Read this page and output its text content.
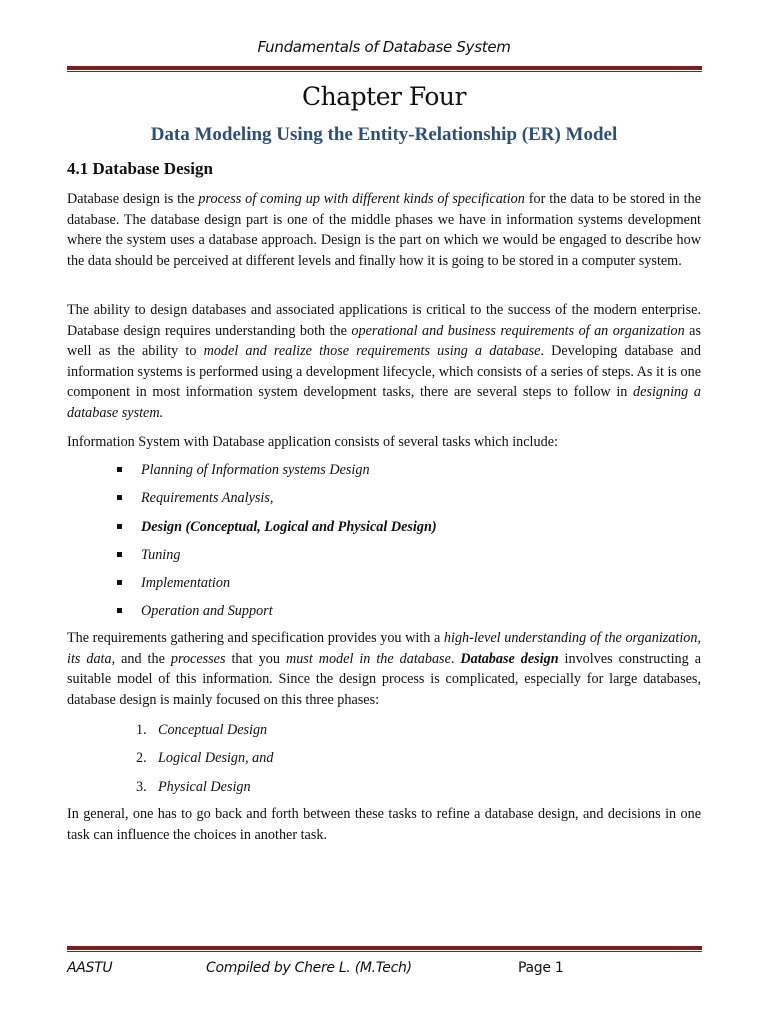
Fundamentals of Database System
Chapter Four
Data Modeling Using the Entity-Relationship (ER) Model
4.1 Database Design
Database design is the process of coming up with different kinds of specification for the data to be stored in the database. The database design part is one of the middle phases we have in information systems development where the system uses a database approach. Design is the part on which we would be engaged to describe how the data should be perceived at different levels and finally how it is going to be stored in a computer system.
The ability to design databases and associated applications is critical to the success of the modern enterprise. Database design requires understanding both the operational and business requirements of an organization as well as the ability to model and realize those requirements using a database. Developing database and information systems is performed using a development lifecycle, which consists of a series of steps. As it is one component in most information system development tasks, there are several steps to follow in designing a database system.
Information System with Database application consists of several tasks which include:
Planning of Information systems Design
Requirements Analysis,
Design (Conceptual, Logical and Physical Design)
Tuning
Implementation
Operation and Support
The requirements gathering and specification provides you with a high-level understanding of the organization, its data, and the processes that you must model in the database. Database design involves constructing a suitable model of this information. Since the design process is complicated, especially for large databases, database design is mainly focused on this three phases:
1. Conceptual Design
2. Logical Design, and
3. Physical Design
In general, one has to go back and forth between these tasks to refine a database design, and decisions in one task can influence the choices in another task.
AASTU	Compiled by Chere L. (M.Tech)	Page 1
